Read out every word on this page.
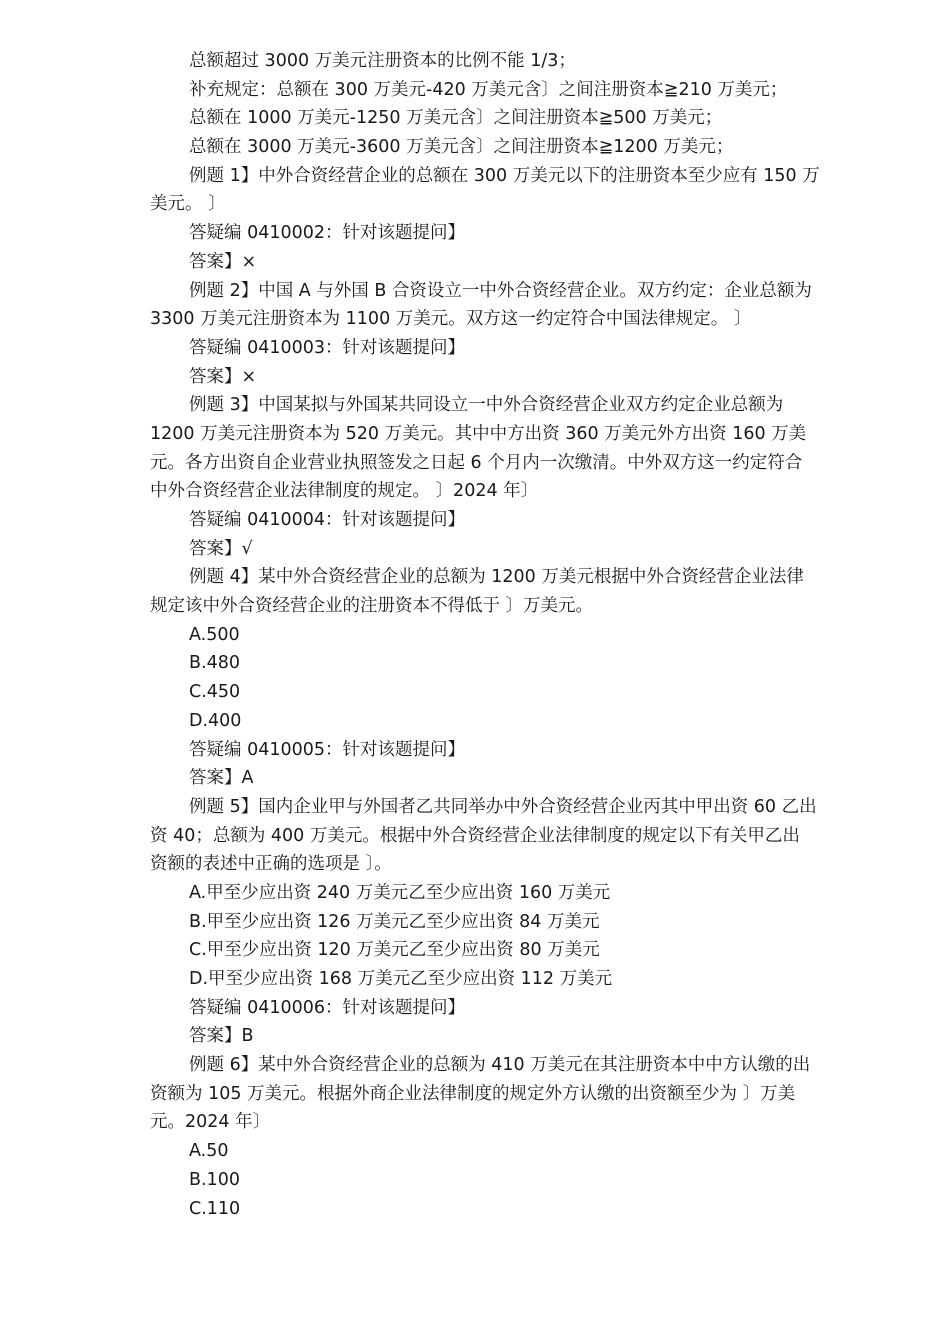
总额超过 3000 万美元注册资本的比例不能 1/3；
补充规定：总额在 300 万美元-420 万美元含〕之间注册资本≧210 万美元；
总额在 1000 万美元-1250 万美元含〕之间注册资本≧500 万美元；
总额在 3000 万美元-3600 万美元含〕之间注册资本≧1200 万美元；
例题 1】中外合资经营企业的总额在 300 万美元以下的注册资本至少应有 150 万
美元。 〕
答疑编 0410002：针对该题提问】
答案】×
例题 2】中国 A 与外国 B 合资设立一中外合资经营企业。双方约定：企业总额为
3300 万美元注册资本为 1100 万美元。双方这一约定符合中国法律规定。 〕
答疑编 0410003：针对该题提问】
答案】×
例题 3】中国某拟与外国某共同设立一中外合资经营企业双方约定企业总额为
1200 万美元注册资本为 520 万美元。其中中方出资 360 万美元外方出资 160 万美
元。各方出资自企业营业执照签发之日起 6 个月内一次缴清。中外双方这一约定符合
中外合资经营企业法律制度的规定。 〕2024 年〕
答疑编 0410004：针对该题提问】
答案】√
例题 4】某中外合资经营企业的总额为 1200 万美元根据中外合资经营企业法律
规定该中外合资经营企业的注册资本不得低于 〕万美元。
A.500
B.480
C.450
D.400
答疑编 0410005：针对该题提问】
答案】A
例题 5】国内企业甲与外国者乙共同举办中外合资经营企业丙其中甲出资 60 乙出
资 40；总额为 400 万美元。根据中外合资经营企业法律制度的规定以下有关甲乙出
资额的表述中正确的选项是 〕。
A.甲至少应出资 240 万美元乙至少应出资 160 万美元
B.甲至少应出资 126 万美元乙至少应出资 84 万美元
C.甲至少应出资 120 万美元乙至少应出资 80 万美元
D.甲至少应出资 168 万美元乙至少应出资 112 万美元
答疑编 0410006：针对该题提问】
答案】B
例题 6】某中外合资经营企业的总额为 410 万美元在其注册资本中中方认缴的出
资额为 105 万美元。根据外商企业法律制度的规定外方认缴的出资额至少为 〕万美
元。2024 年〕
A.50
B.100
C.110
